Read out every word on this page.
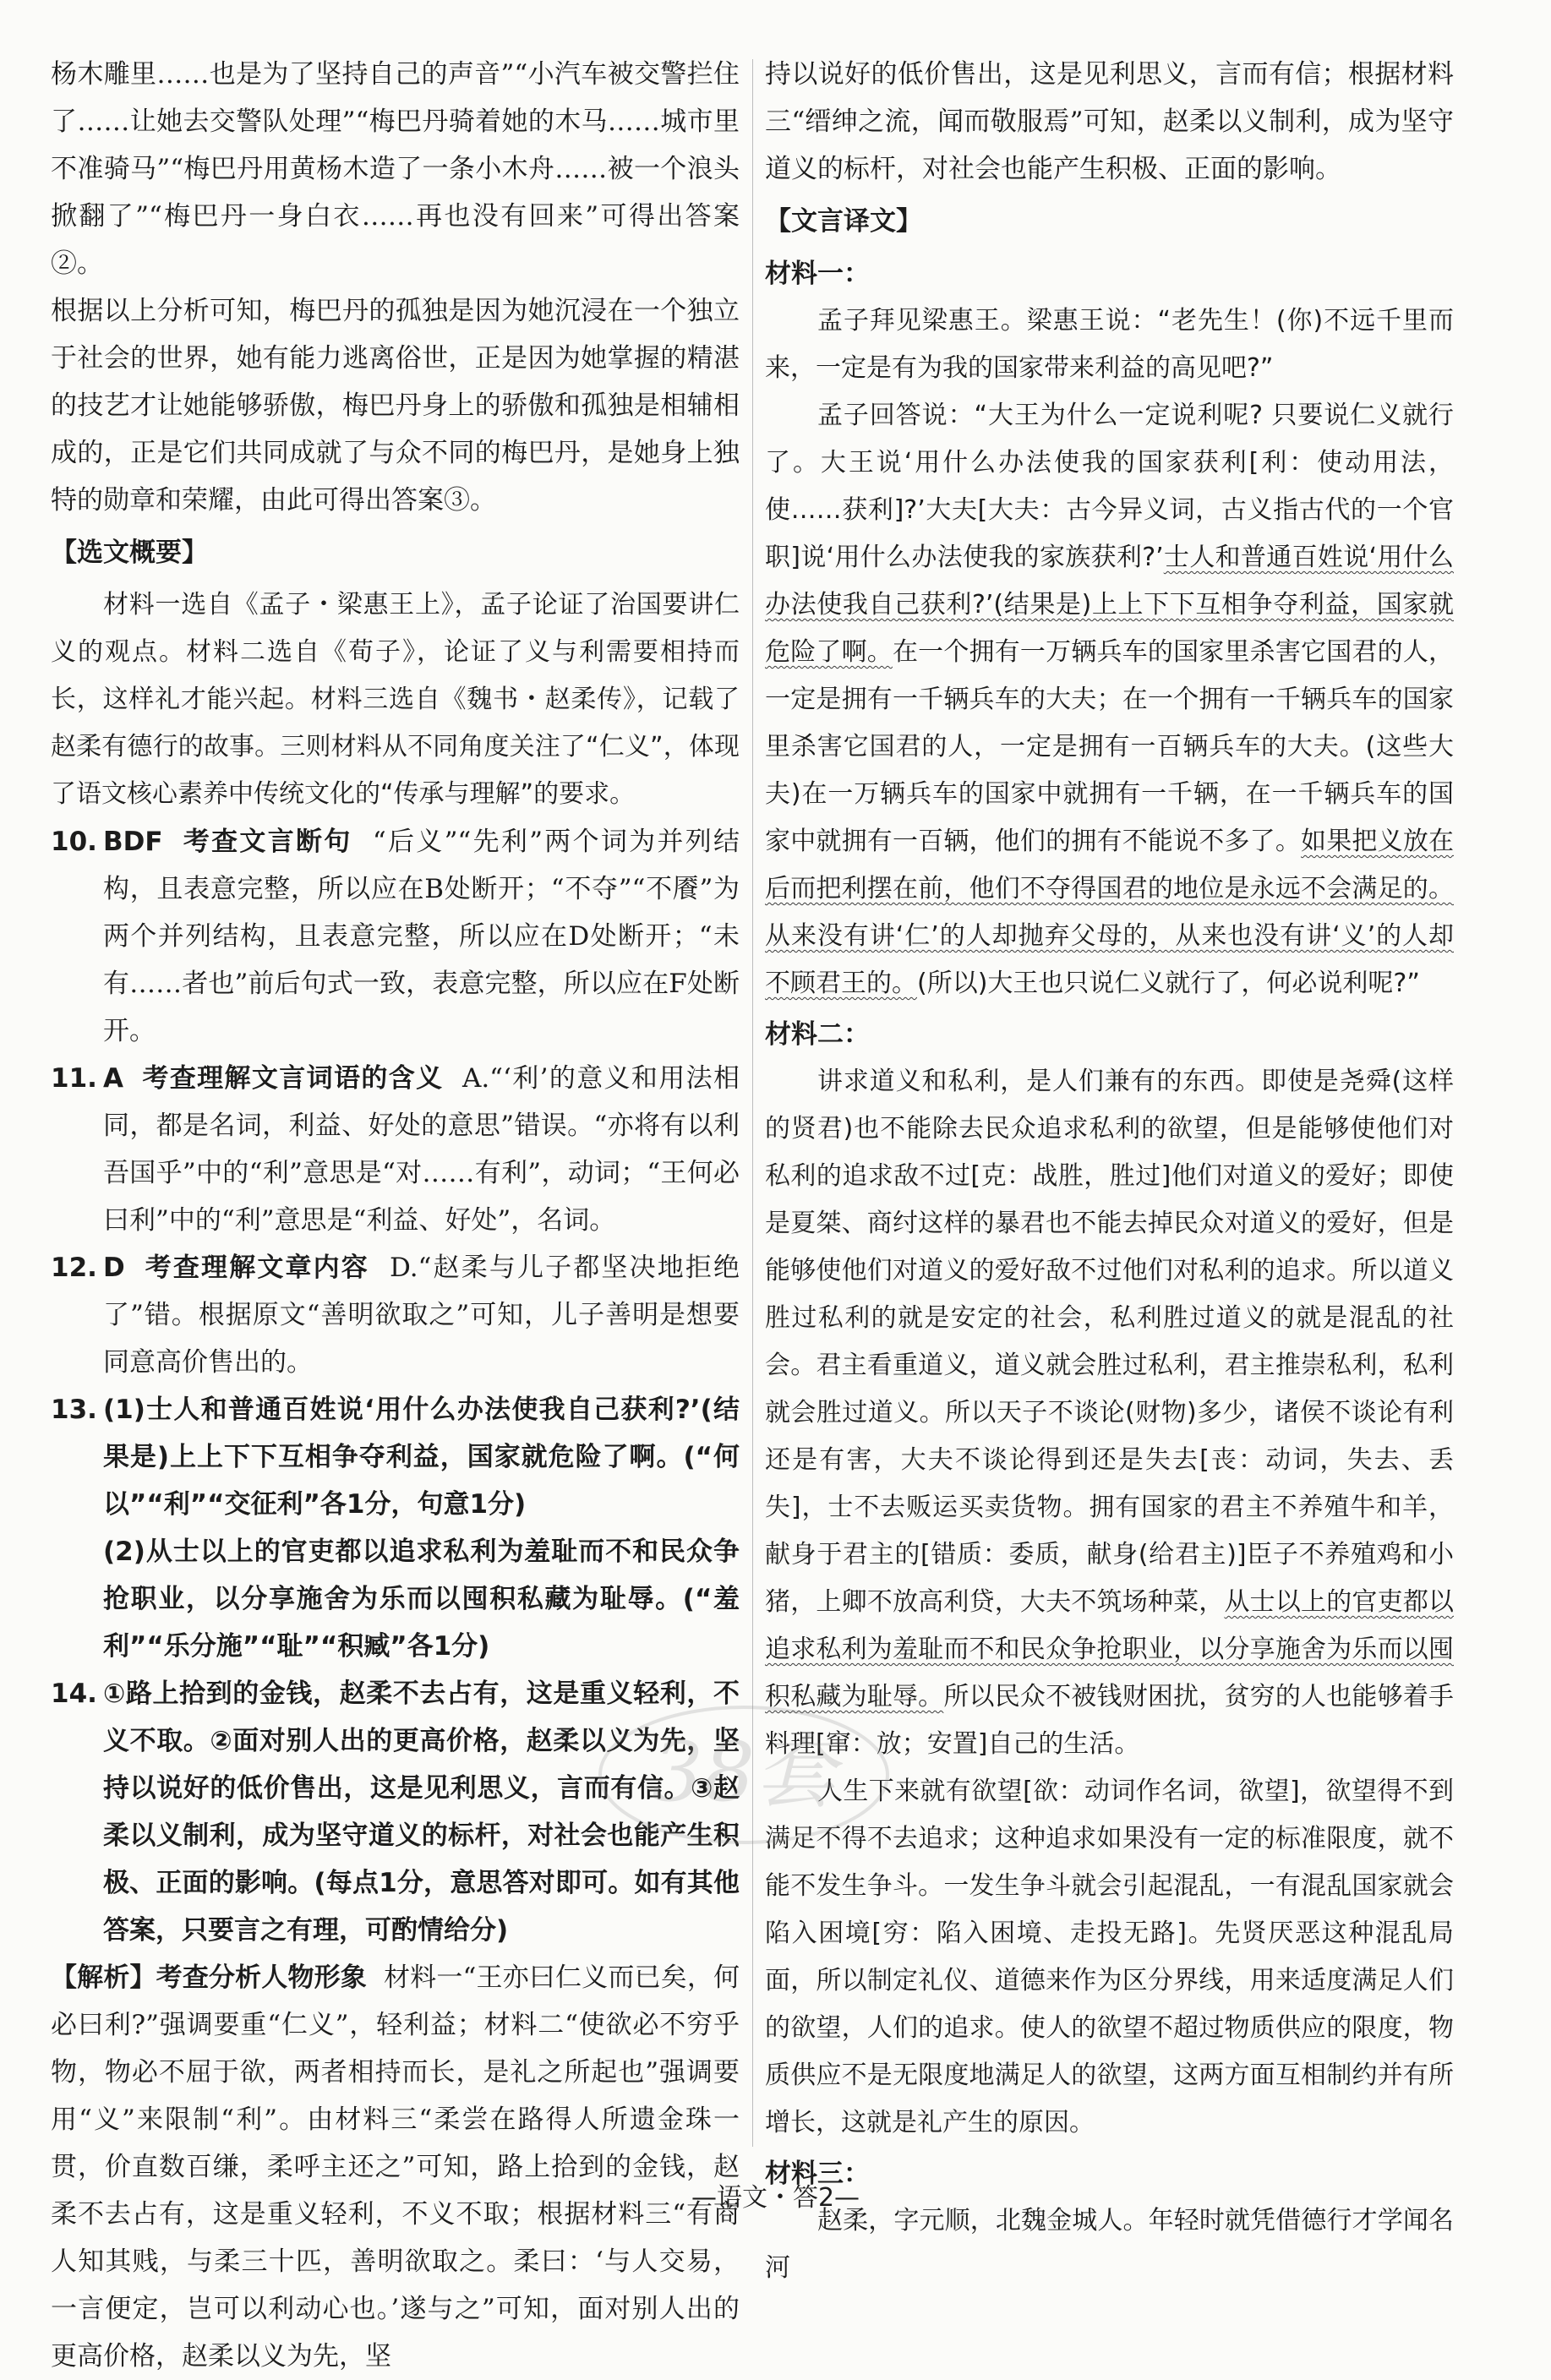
杨木雕里……也是为了坚持自己的声音”“小汽车被交警拦住了……让她去交警队处理”“梅巴丹骑着她的木马……城市里不准骑马”“梅巴丹用黄杨木造了一条小木舟……被一个浪头掀翻了”“梅巴丹一身白衣……再也没有回来”可得出答案②。

根据以上分析可知，梅巴丹的孤独是因为她沉浸在一个独立于社会的世界，她有能力逃离俗世，正是因为她掌握的精湛的技艺才让她能够骄傲，梅巴丹身上的骄傲和孤独是相辅相成的，正是它们共同成就了与众不同的梅巴丹，是她身上独特的勋章和荣耀，由此可得出答案③。

【选文概要】

材料一选自《孟子・梁惠王上》，孟子论证了治国要讲仁义的观点。材料二选自《荀子》，论证了义与利需要相持而长，这样礼才能兴起。材料三选自《魏书・赵柔传》，记载了赵柔有德行的故事。三则材料从不同角度关注了“仁义”，体现了语文核心素养中传统文化的“传承与理解”的要求。

10. BDF 考查文言断句 “后义”“先利”两个词为并列结构，且表意完整，所以应在B处断开；“不夺”“不餍”为两个并列结构，且表意完整，所以应在D处断开；“未有……者也”前后句式一致，表意完整，所以应在F处断开。

11. A 考查理解文言词语的含义 A.“‘利’的意义和用法相同，都是名词，利益、好处的意思”错误。“亦将有以利吾国乎”中的“利”意思是“对……有利”，动词；“王何必曰利”中的“利”意思是“利益、好处”，名词。

12. D 考查理解文章内容 D.“赵柔与儿子都坚决地拒绝了”错。根据原文“善明欲取之”可知，儿子善明是想要同意高价售出的。

13. (1)士人和普通百姓说‘用什么办法使我自己获利?’(结果是)上上下下互相争夺利益，国家就危险了啊。(“何以”“利”“交征利”各1分，句意1分)

(2)从士以上的官吏都以追求私利为羞耻而不和民众争抢职业，以分享施舍为乐而以囤积私藏为耻辱。(“羞利”“乐分施”“耻”“积臧”各1分)

14. ①路上拾到的金钱，赵柔不去占有，这是重义轻利，不义不取。②面对别人出的更高价格，赵柔以义为先，坚持以说好的低价售出，这是见利思义，言而有信。③赵柔以义制利，成为坚守道义的标杆，对社会也能产生积极、正面的影响。(每点1分，意思答对即可。如有其他答案，只要言之有理，可酌情给分)

【解析】考查分析人物形象 材料一“王亦曰仁义而已矣，何必曰利?”强调要重“仁义”，轻利益；材料二“使欲必不穷乎物，物必不屈于欲，两者相持而长，是礼之所起也”强调要用“义”来限制“利”。由材料三“柔尝在路得人所遗金珠一贯，价直数百缣，柔呼主还之”可知，路上拾到的金钱，赵柔不去占有，这是重义轻利，不义不取；根据材料三“有商人知其贱，与柔三十匹，善明欲取之。柔曰：‘与人交易，一言便定，岂可以利动心也。’遂与之”可知，面对别人出的更高价格，赵柔以义为先，坚

持以说好的低价售出，这是见利思义，言而有信；根据材料三“缙绅之流，闻而敬服焉”可知，赵柔以义制利，成为坚守道义的标杆，对社会也能产生积极、正面的影响。

【文言译文】
材料一：

孟子拜见梁惠王。梁惠王说：“老先生！(你)不远千里而来，一定是有为我的国家带来利益的高见吧?”

孟子回答说：“大王为什么一定说利呢? 只要说仁义就行了。大王说‘用什么办法使我的国家获利[利：使动用法，使……获利]?’大夫[大夫：古今异义词，古义指古代的一个官职]说‘用什么办法使我的家族获利?’士人和普通百姓说‘用什么办法使我自己获利?’(结果是)上上下下互相争夺利益，国家就危险了啊。在一个拥有一万辆兵车的国家里杀害它国君的人，一定是拥有一千辆兵车的大夫；在一个拥有一千辆兵车的国家里杀害它国君的人，一定是拥有一百辆兵车的大夫。(这些大夫)在一万辆兵车的国家中就拥有一千辆，在一千辆兵车的国家中就拥有一百辆，他们的拥有不能说不多了。如果把义放在后而把利摆在前，他们不夺得国君的地位是永远不会满足的。从来没有讲‘仁’的人却抛弃父母的，从来也没有讲‘义’的人却不顾君王的。(所以)大王也只说仁义就行了，何必说利呢?”

材料二：

讲求道义和私利，是人们兼有的东西。即使是尧舜(这样的贤君)也不能除去民众追求私利的欲望，但是能够使他们对私利的追求敌不过[克：战胜，胜过]他们对道义的爱好；即使是夏桀、商纣这样的暴君也不能去掉民众对道义的爱好，但是能够使他们对道义的爱好敌不过他们对私利的追求。所以道义胜过私利的就是安定的社会，私利胜过道义的就是混乱的社会。君主看重道义，道义就会胜过私利，君主推崇私利，私利就会胜过道义。所以天子不谈论(财物)多少，诸侯不谈论有利还是有害，大夫不谈论得到还是失去[丧：动词，失去、丢失]，士不去贩运买卖货物。拥有国家的君主不养殖牛和羊，献身于君主的[错质：委质，献身(给君主)]臣子不养殖鸡和小猪，上卿不放高利贷，大夫不筑场种菜，从士以上的官吏都以追求私利为羞耻而不和民众争抢职业，以分享施舍为乐而以囤积私藏为耻辱。所以民众不被钱财困扰，贫穷的人也能够着手料理[窜：放；安置]自己的生活。

人生下来就有欲望[欲：动词作名词，欲望]，欲望得不到满足不得不去追求；这种追求如果没有一定的标准限度，就不能不发生争斗。一发生争斗就会引起混乱，一有混乱国家就会陷入困境[穷：陷入困境、走投无路]。先贤厌恶这种混乱局面，所以制定礼仪、道德来作为区分界线，用来适度满足人们的欲望，人们的追求。使人的欲望不超过物质供应的限度，物质供应不是无限度地满足人的欲望，这两方面互相制约并有所增长，这就是礼产生的原因。

材料三：

赵柔，字元顺，北魏金城人。年轻时就凭借德行才学闻名河

38套
—语文・答2—
